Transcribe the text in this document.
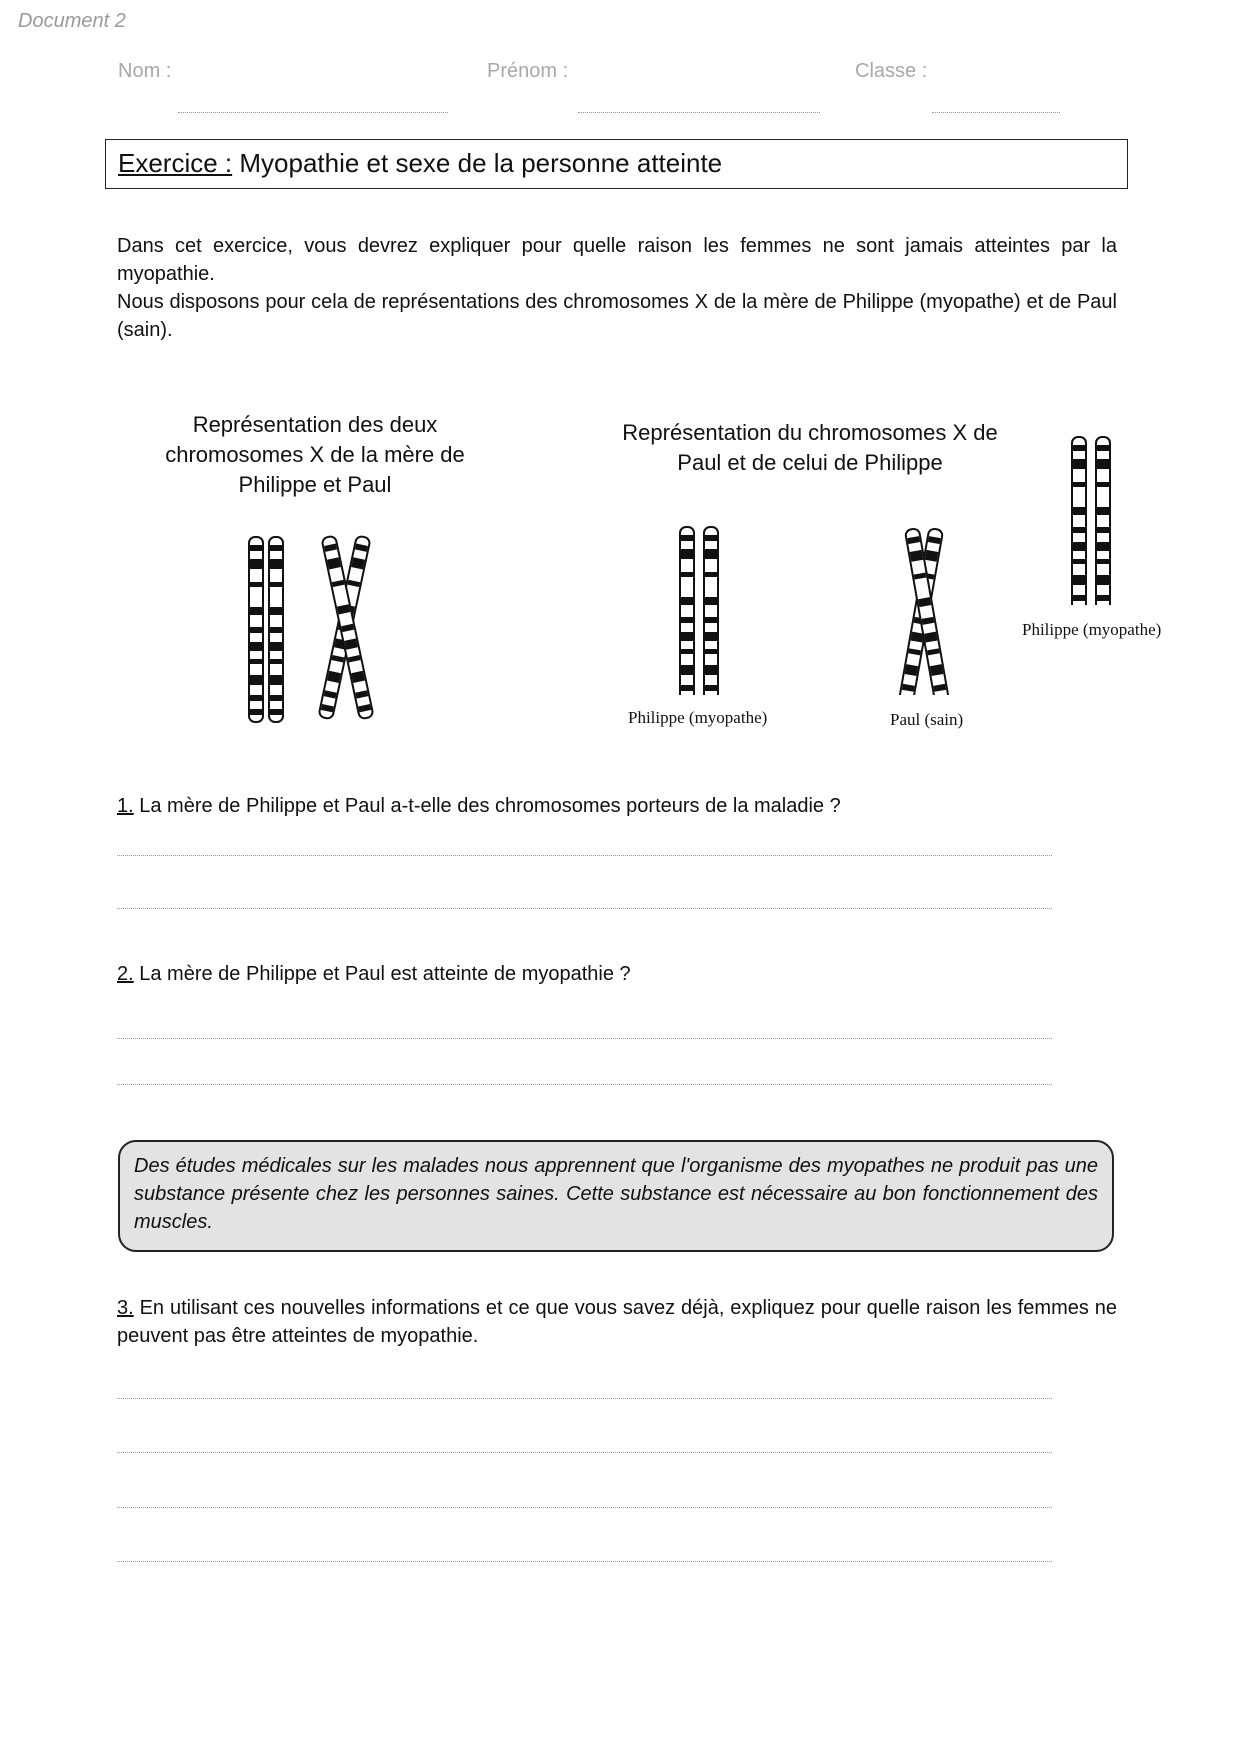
Document 2
Nom :	Prénom :	Classe :
Exercice : Myopathie et sexe de la personne atteinte
Dans cet exercice, vous devrez expliquer pour quelle raison les femmes ne sont jamais atteintes par la myopathie.
Nous disposons pour cela de représentations des chromosomes X de la mère de Philippe (myopathe) et de Paul (sain).
Représentation des deux chromosomes X de la mère de Philippe et Paul
Représentation du chromosomes X de Paul et de celui de Philippe
Philippe (myopathe)	Paul (sain)
Philippe (myopathe)
1. La mère de Philippe et Paul a-t-elle des chromosomes porteurs de la maladie ?
2. La mère de Philippe et Paul est atteinte de myopathie ?
Des études médicales sur les malades nous apprennent que l'organisme des myopathes ne produit pas une substance présente chez les personnes saines. Cette substance est nécessaire au bon fonctionnement des muscles.
3. En utilisant ces nouvelles informations et ce que vous savez déjà, expliquez pour quelle raison les femmes ne peuvent pas être atteintes de myopathie.
